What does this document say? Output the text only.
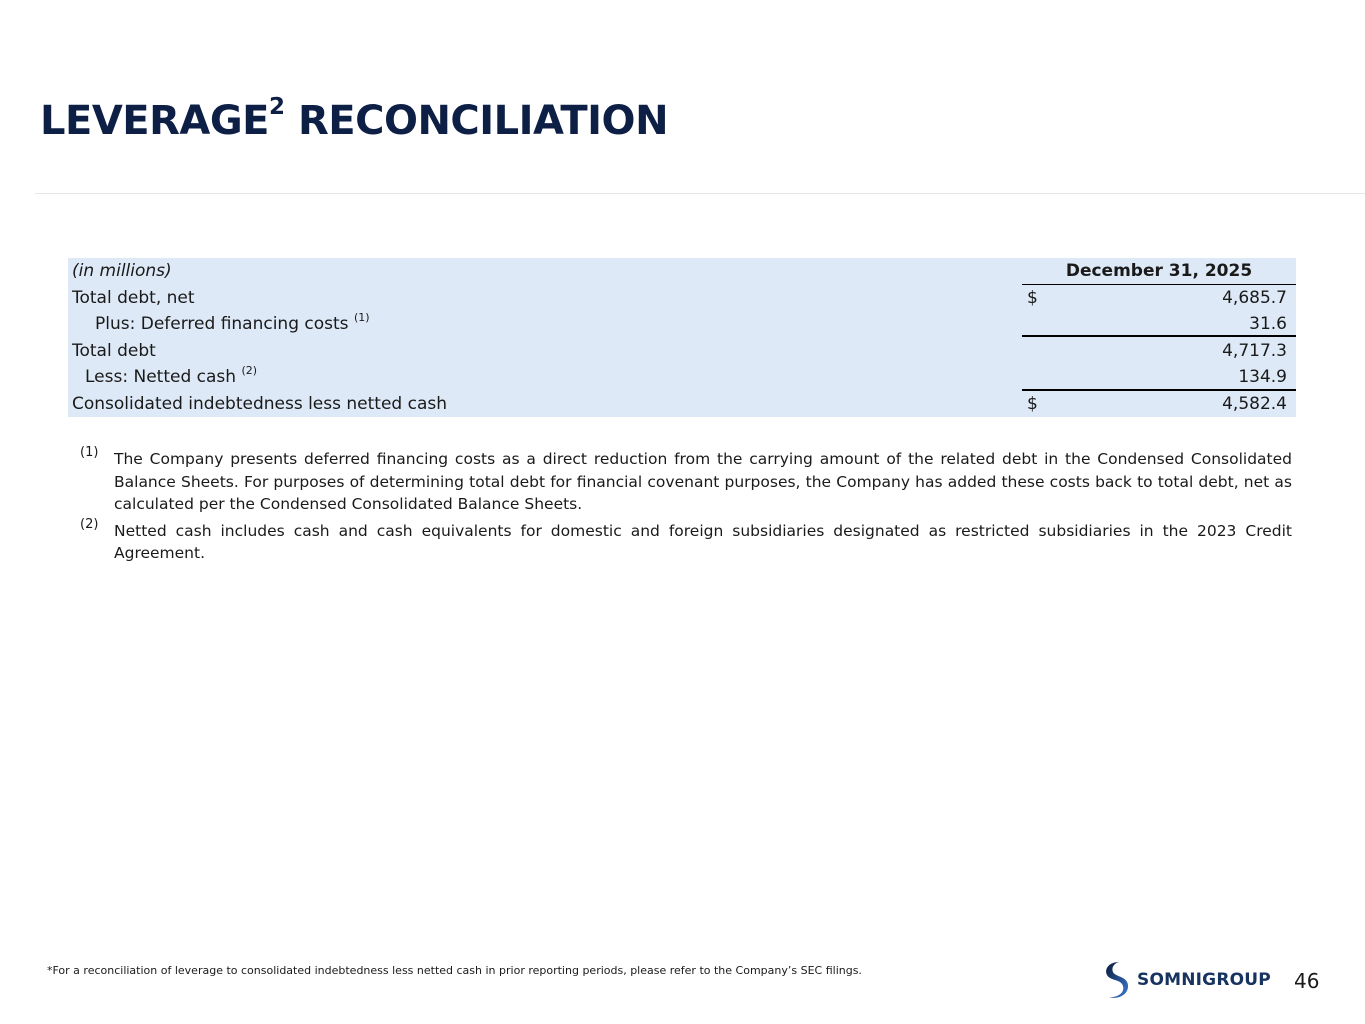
LEVERAGE$^2$ RECONCILIATION
(in millions)	December 31, 2025
Total debt, net	$	4,685.7
Plus: Deferred financing costs $^{(1)}$	31.6
Total debt	4,717.3
Less: Netted cash $^{(2)}$	134.9
Consolidated indebtedness less netted cash	$	4,582.4
(1) The Company presents deferred financing costs as a direct reduction from the carrying amount of the related debt in the Condensed Consolidated Balance Sheets. For purposes of determining total debt for financial covenant purposes, the Company has added these costs back to total debt, net as calculated per the Condensed Consolidated Balance Sheets.
(2) Netted cash includes cash and cash equivalents for domestic and foreign subsidiaries designated as restricted subsidiaries in the 2023 Credit Agreement.
*For a reconciliation of leverage to consolidated indebtedness less netted cash in prior reporting periods, please refer to the Company’s SEC filings.	SOMNIGROUP 46
